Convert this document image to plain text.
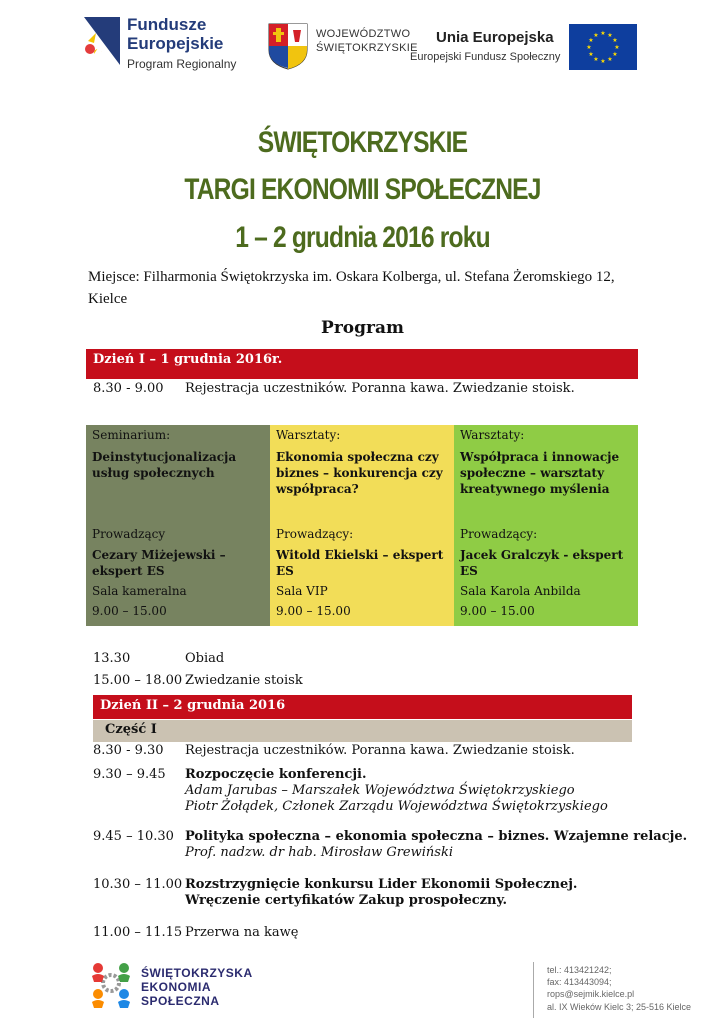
Fundusze
Europejskie
Program Regionalny
WOJEWÓDZTWO
ŚWIĘTOKRZYSKIE
Unia Europejska
Europejski Fundusz Społeczny
★ ★
★
★
★
★
★
★
★
★
★
★
ŚWIĘTOKRZYSKIE
TARGI EKONOMII SPOŁECZNEJ
1 – 2 grudnia 2016 roku
Miejsce: Filharmonia Świętokrzyska im. Oskara Kolberga, ul. Stefana Żeromskiego 12, Kielce
Program
Dzień I – 1 grudnia 2016r.
8.30 - 9.00 Rejestracja uczestników. Poranna kawa. Zwiedzanie stoisk.
Seminarium:
Deinstytucjonalizacja usług społecznych
Prowadzący
Cezary Miżejewski – ekspert ES
Sala kameralna
9.00 – 15.00
Warsztaty:
Ekonomia społeczna czy biznes – konkurencja czy współpraca?
Prowadzący:
Witold Ekielski – ekspert ES
Sala VIP
9.00 – 15.00
Warsztaty:
Współpraca i innowacje społeczne – warsztaty kreatywnego myślenia
Prowadzący:
Jacek Gralczyk - ekspert ES
Sala Karola Anbilda
9.00 – 15.00
13.30	Obiad
15.00 – 18.00 Zwiedzanie stoisk
Dzień II – 2 grudnia 2016
Część I
8.30 - 9.30 Rejestracja uczestników. Poranna kawa. Zwiedzanie stoisk.
9.30 – 9.45 Rozpoczęcie konferencji.
Adam Jarubas – Marszałek Województwa Świętokrzyskiego
Piotr Żołądek, Członek Zarządu Województwa Świętokrzyskiego
9.45 – 10.30 Polityka społeczna – ekonomia społeczna – biznes. Wzajemne relacje.
Prof. nadzw. dr hab. Mirosław Grewiński
10.30 – 11.00 Rozstrzygnięcie konkursu Lider Ekonomii Społecznej.
Wręczenie certyfikatów Zakup prospołeczny.
11.00 – 11.15 Przerwa na kawę
ŚWIĘTOKRZYSKA
EKONOMIA
SPOŁECZNA
tel.: 413421242;
fax: 413443094;
rops@sejmik.kielce.pl
al. IX Wieków Kielc 3; 25-516 Kielce
